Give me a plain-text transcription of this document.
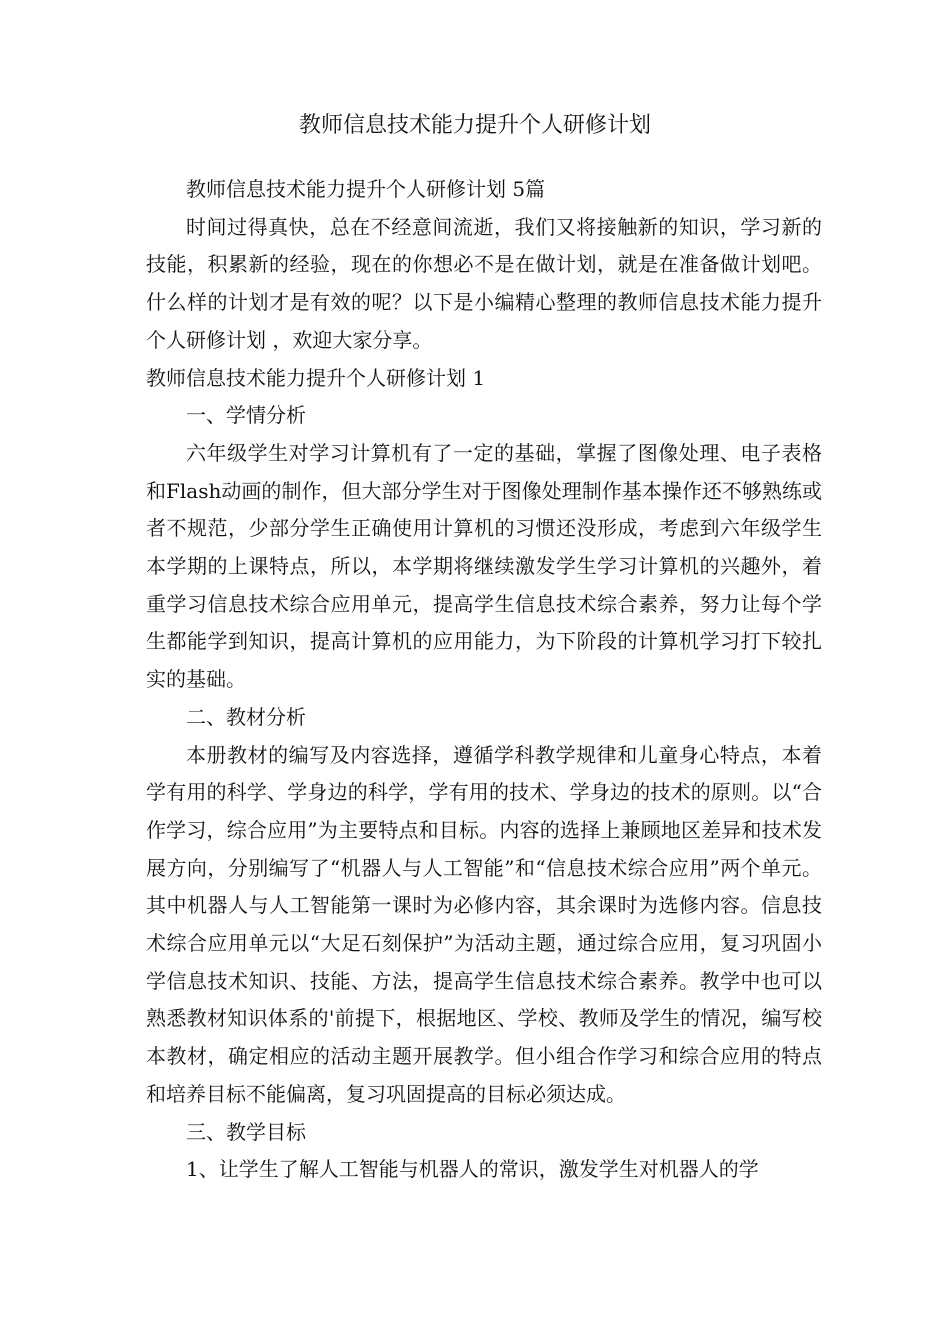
教师信息技术能力提升个人研修计划

教师信息技术能力提升个人研修计划 5篇

时间过得真快，总在不经意间流逝，我们又将接触新的知识，学习新的技能，积累新的经验，现在的你想必不是在做计划，就是在准备做计划吧。什么样的计划才是有效的呢？以下是小编精心整理的教师信息技术能力提升个人研修计划 ，欢迎大家分享。

教师信息技术能力提升个人研修计划 1

一、学情分析

六年级学生对学习计算机有了一定的基础，掌握了图像处理、电子表格和Flash动画的制作，但大部分学生对于图像处理制作基本操作还不够熟练或者不规范，少部分学生正确使用计算机的习惯还没形成，考虑到六年级学生本学期的上课特点，所以，本学期将继续激发学生学习计算机的兴趣外，着重学习信息技术综合应用单元，提高学生信息技术综合素养，努力让每个学生都能学到知识，提高计算机的应用能力，为下阶段的计算机学习打下较扎实的基础。

二、教材分析

本册教材的编写及内容选择，遵循学科教学规律和儿童身心特点，本着学有用的科学、学身边的科学，学有用的技术、学身边的技术的原则。以“合作学习，综合应用”为主要特点和目标。内容的选择上兼顾地区差异和技术发展方向，分别编写了“机器人与人工智能”和“信息技术综合应用”两个单元。其中机器人与人工智能第一课时为必修内容，其余课时为选修内容。信息技术综合应用单元以“大足石刻保护”为活动主题，通过综合应用，复习巩固小学信息技术知识、技能、方法，提高学生信息技术综合素养。教学中也可以熟悉教材知识体系的'前提下，根据地区、学校、教师及学生的情况，编写校本教材，确定相应的活动主题开展教学。但小组合作学习和综合应用的特点和培养目标不能偏离，复习巩固提高的目标必须达成。

三、教学目标

1、让学生了解人工智能与机器人的常识，激发学生对机器人的学
